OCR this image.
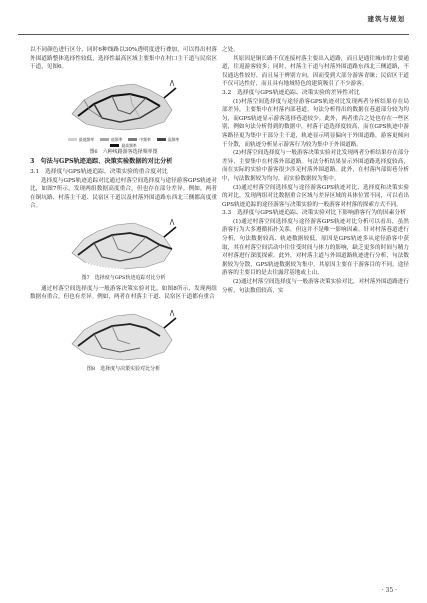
建筑与规划

以不同颜色进行区分，同时6种线路以30%透明度进行叠加，可以得出村落外围道路整体选择性较低，选择性最高区域主要集中在村口主干道与民宿区干道，见图6。

最低频率	低频率	中频率	高频率
最高频率

图6　六种线路游客选择频率图

3　句法与GPS轨迹追踪、决策实验数据的对比分析
3.1　选择度与GPS轨迹追踪、决策实验的重合度对比

选择度与GPS轨迹追踪对比通过村落空间选择度与途径游客GPS轨迹对比，如图7所示，发现两组数据高度重合，但也存在部分差异。例如，两者在铜坑路、村落主干道、民宿区干道以及村落外围道路东西北三侧都高度重合。

图7　选择度与GPS轨迹追踪对比分析

通过村落空间选择度与一般游客决策实验对比，如图8所示，发现两组数据有重合，但也有差异。例如，两者在村落主干道、民宿区干道都有重合

图8　选择度与决策实验对比分析

之处。

其原因是铜长路不仅连接村落主要出入道路，而且是通往城市的主要通道，往返游客较多；同时，村落主干道与村落外围道路东西北三侧道路，不仅通达性较好，而且易于辨别方向，因而受到大部分游客青睐；民宿区干道不仅可达性好，而且具有地域特色的建筑吸引了不少游客。

3.2　选择度与GPS轨迹追踪、决策实验的差异性对比

(1)村落空间选择度与途径游客GPS轨迹对比发现两者分析结果存在局部差异，主要集中在村落内部巷道。句法分析得出的数据在巷道部分较为均匀，而GPS轨迹显示游客选择巷道较少。此外，两者重合之处也存在一些区别，例如句法分析得到的数据中，村落干道选择度较高，而在GPS轨迹中游客路径更为集中于部分主干道，轨迹显示明显偏向于外围道路，游客更倾向于分散，而轨迹分析显示游客行为较为集中于外围道路。

(2)村落空间选择度与一般游客决策实验对比发现两者分析结果存在部分差异，主要集中在村落外部道路。句法分析结果显示外围道路选择度较高，而在实际的实验中游客很少涉足村落外围道路。此外，在村落内部街巷分析中，句法数据较为均匀，而实验数据较为集中。

(3)通过村落空间选择度与途径游客GPS轨迹对比、选择度和决策实验的对比，发现两组对比数据重合区域与差异区域的具体位置不同，可以看出GPS轨迹追踪的途径游客与决策实验的一般游客对村落的探索方式不同。

3.3　选择度与GPS轨迹追踪、决策实验对比下影响游客行为的因素分析

(1)通过村落空间选择度与途径游客GPS轨迹对比分析可以看出，虽然游客行为大多遵循拓扑关系，但这并不是唯一影响因素。针对村落巷道进行分析，句法数据较高、轨迹数据较低，原因是GPS轨迹多从途径游客中获取，其在村落空间活动中往往受时间与体力的影响，缺乏更多的时间与精力对村落进行深度探索。此外，对村落主道与外围道路轨迹进行分析，句法数据较为分散，GPS轨迹数据较为集中，其原因主要在于游客目的不同，途径游客的主要目的是去往露营基地或上山。

(2)通过村落空间选择度与一般游客决策实验对比，对村落外围道路进行分析，句法数值较高，实

· 35 ·
